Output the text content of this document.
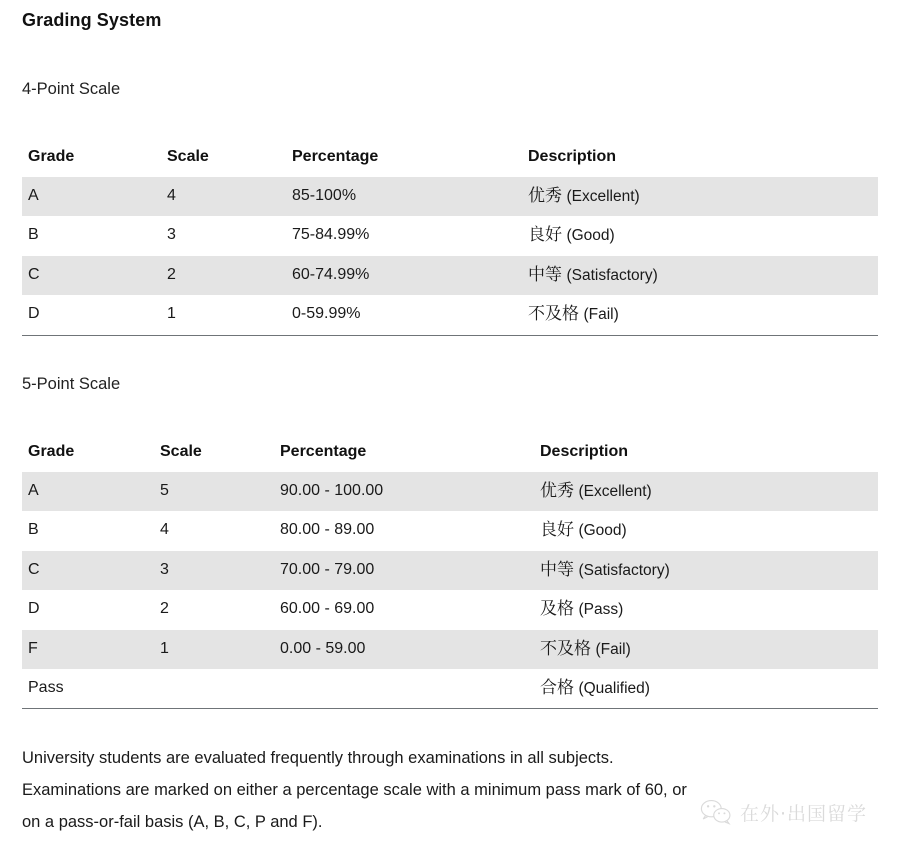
Grading System
4-Point Scale
Grade	Scale	Percentage	Description
A	4	85-100%	优秀 (Excellent)
B	3	75-84.99%	良好 (Good)
C	2	60-74.99%	中等 (Satisfactory)
D	1	0-59.99%	不及格 (Fail)
5-Point Scale
Grade	Scale	Percentage	Description
A	5	90.00 - 100.00	优秀 (Excellent)
B	4	80.00 - 89.00	良好 (Good)
C	3	70.00 - 79.00	中等 (Satisfactory)
D	2	60.00 - 69.00	及格 (Pass)
F	1	0.00 - 59.00	不及格 (Fail)
Pass			合格 (Qualified)
University students are evaluated frequently through examinations in all subjects.
Examinations are marked on either a percentage scale with a minimum pass mark of 60, or
on a pass-or-fail basis (A, B, C, P and F).	在外·出国留学
